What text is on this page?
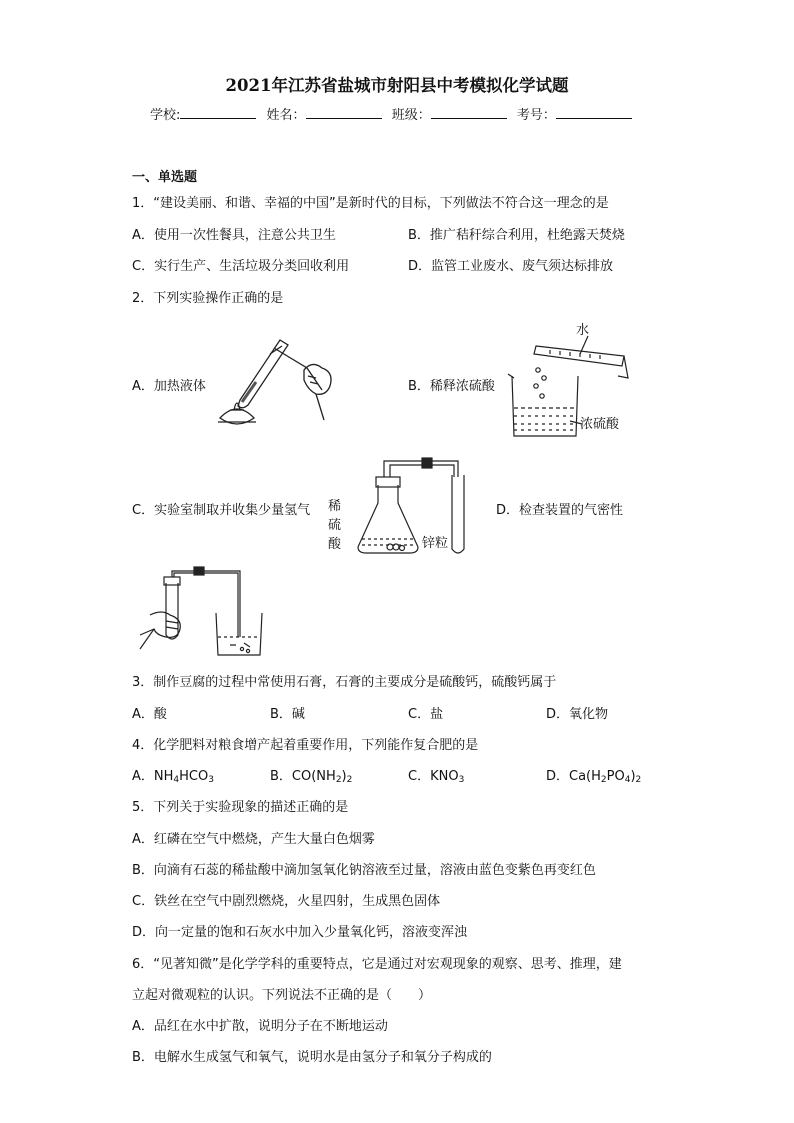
2021年江苏省盐城市射阳县中考模拟化学试题
学校:	姓名：	班级：	考号：
一、单选题
1．“建设美丽、和谐、幸福的中国”是新时代的目标，下列做法不符合这一理念的是
A．使用一次性餐具，注意公共卫生	B．推广秸秆综合利用，杜绝露天焚烧
C．实行生产、生活垃圾分类回收利用	D．监管工业废水、废气须达标排放
2．下列实验操作正确的是
A．加热液体	B．稀释浓硫酸
水
浓硫酸
C．实验室制取并收集少量氢气 稀
硫
酸	锌粒
D．检查装置的气密性
3．制作豆腐的过程中常使用石膏，石膏的主要成分是硫酸钙，硫酸钙属于
A．酸	B．碱	C．盐	D．氧化物
4．化学肥料对粮食增产起着重要作用，下列能作复合肥的是
A．$NH_4HCO_3$	B．$CO(NH_2)_2$	C．$KNO_3$	D．$Ca(H_2PO_4)_2$
5．下列关于实验现象的描述正确的是
A．红磷在空气中燃烧，产生大量白色烟雾
B．向滴有石蕊的稀盐酸中滴加氢氧化钠溶液至过量，溶液由蓝色变紫色再变红色
C．铁丝在空气中剧烈燃烧，火星四射，生成黑色固体
D．向一定量的饱和石灰水中加入少量氧化钙，溶液变浑浊
6．“见著知微”是化学学科的重要特点，它是通过对宏观现象的观察、思考、推理，建
立起对微观粒的认识。下列说法不正确的是（　　）
A．品红在水中扩散，说明分子在不断地运动
B．电解水生成氢气和氧气，说明水是由氢分子和氧分子构成的
